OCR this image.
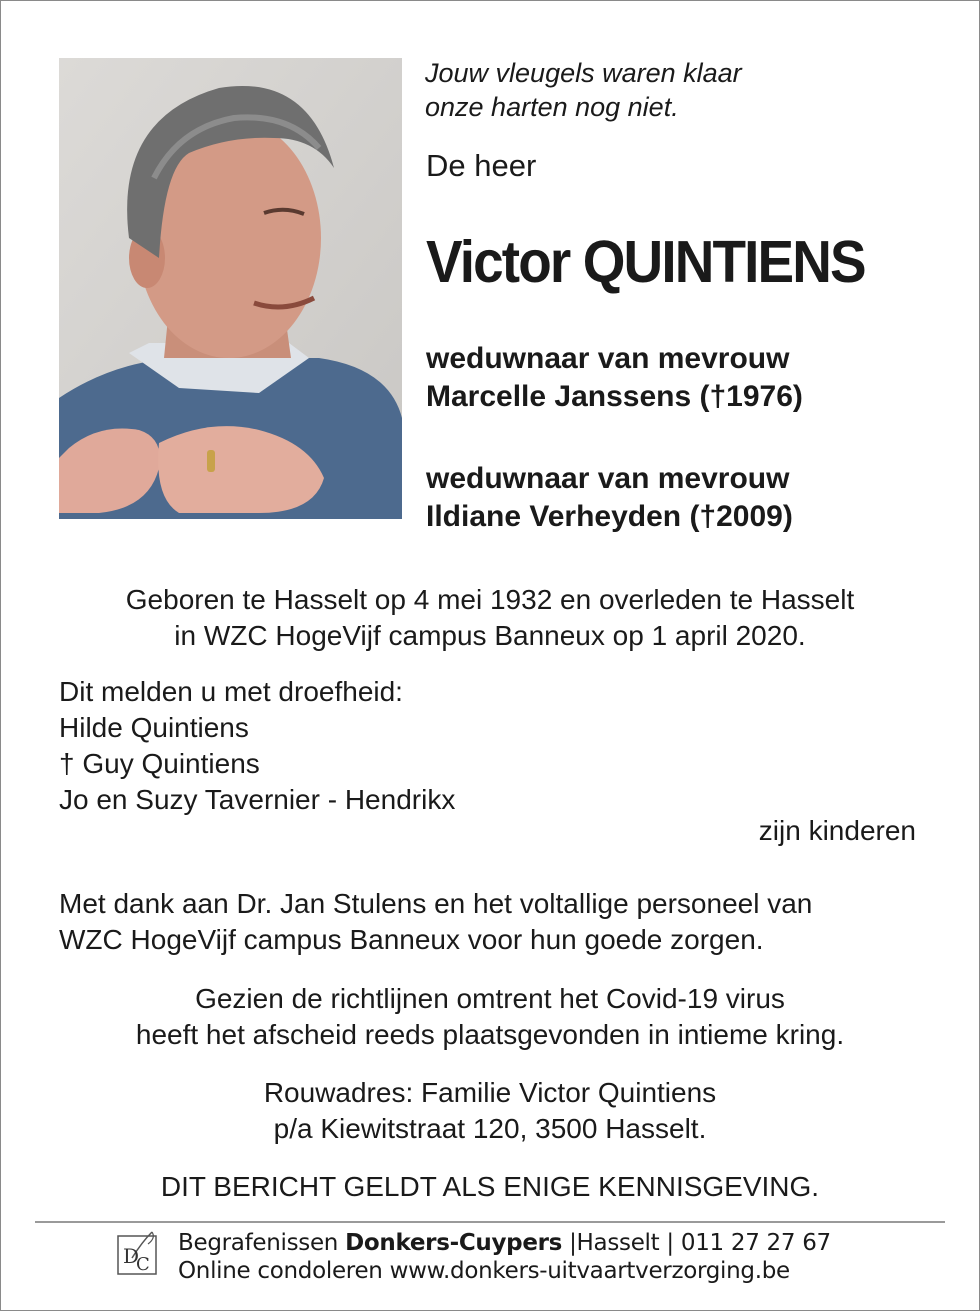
Jouw vleugels waren klaar
onze harten nog niet.
De heer
Victor QUINTIENS
weduwnaar van mevrouw
Marcelle Janssens (†1976)
weduwnaar van mevrouw
Ildiane Verheyden (†2009)
Geboren te Hasselt op 4 mei 1932 en overleden te Hasselt
in WZC HogeVijf campus Banneux op 1 april 2020.
Dit melden u met droefheid:
Hilde Quintiens
† Guy Quintiens
Jo en Suzy Tavernier - Hendrikx
zijn kinderen
Met dank aan Dr. Jan Stulens en het voltallige personeel van
WZC HogeVijf campus Banneux voor hun goede zorgen.
Gezien de richtlijnen omtrent het Covid-19 virus
heeft het afscheid reeds plaatsgevonden in intieme kring.
Rouwadres: Familie Victor Quintiens
p/a Kiewitstraat 120, 3500 Hasselt.
DIT BERICHT GELDT ALS ENIGE KENNISGEVING.
D
C
Begrafenissen Donkers-Cuypers |Hasselt | 011 27 27 67
Online condoleren www.donkers-uitvaartverzorging.be
